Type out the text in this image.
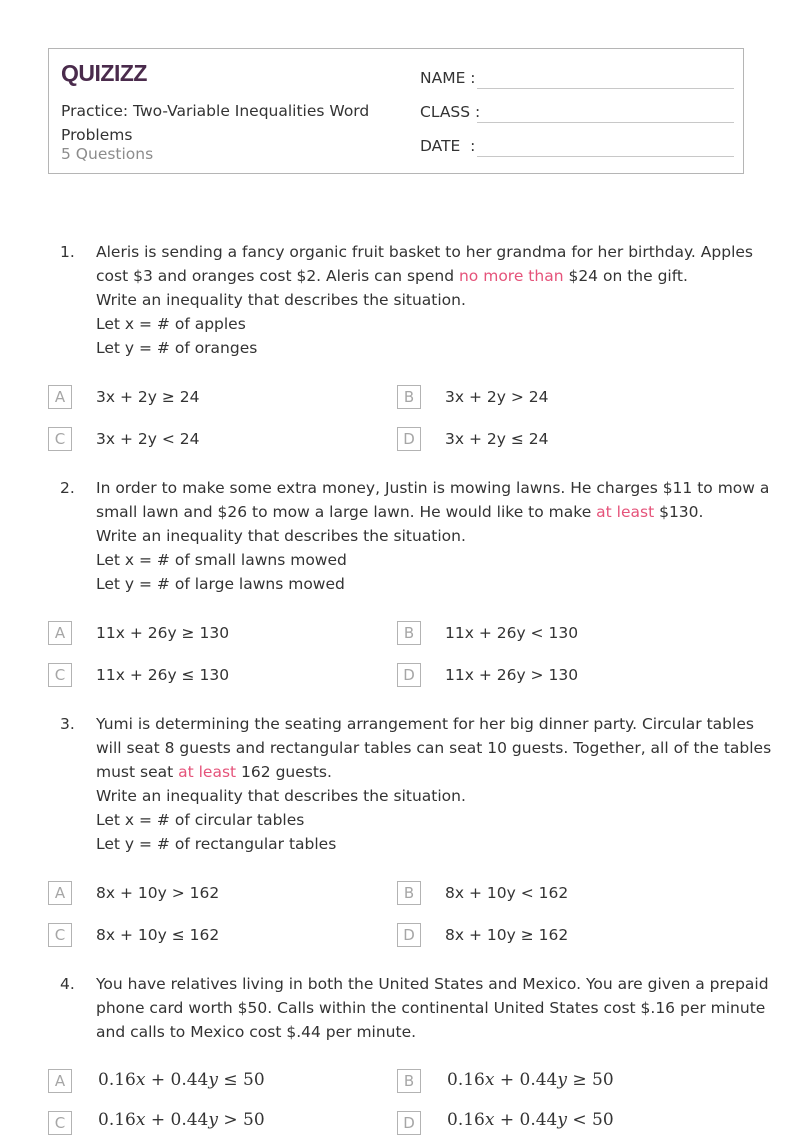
QUIZIZZ
Practice: Two-Variable Inequalities Word Problems
5 Questions
NAME :
CLASS :
DATE  :
1. Aleris is sending a fancy organic fruit basket to her grandma for her birthday. Apples

cost $3 and oranges cost $2. Aleris can spend no more than $24 on the gift.

Write an inequality that describes the situation.

Let x = # of apples

Let y = # of oranges

A	3x + 2y ≥ 24	B	3x + 2y > 24
C	3x + 2y < 24	D	3x + 2y ≤ 24
2. In order to make some extra money, Justin is mowing lawns. He charges $11 to mow a

small lawn and $26 to mow a large lawn. He would like to make at least $130.

Write an inequality that describes the situation.

Let x = # of small lawns mowed

Let y = # of large lawns mowed

A	11x + 26y ≥ 130	B	11x + 26y < 130
C	11x + 26y ≤ 130	D	11x + 26y > 130
3. Yumi is determining the seating arrangement for her big dinner party. Circular tables

will seat 8 guests and rectangular tables can seat 10 guests. Together, all of the tables

must seat at least 162 guests.

Write an inequality that describes the situation.

Let x = # of circular tables

Let y = # of rectangular tables

A	8x + 10y > 162	B	8x + 10y < 162
C	8x + 10y ≤ 162	D	8x + 10y ≥ 162
4. You have relatives living in both the United States and Mexico. You are given a prepaid

phone card worth $50. Calls within the continental United States cost $.16 per minute

and calls to Mexico cost $.44 per minute.

A	0.16x + 0.44y ≤ 50	B	0.16x + 0.44y ≥ 50
C	0.16x + 0.44y > 50	D	0.16x + 0.44y < 50
